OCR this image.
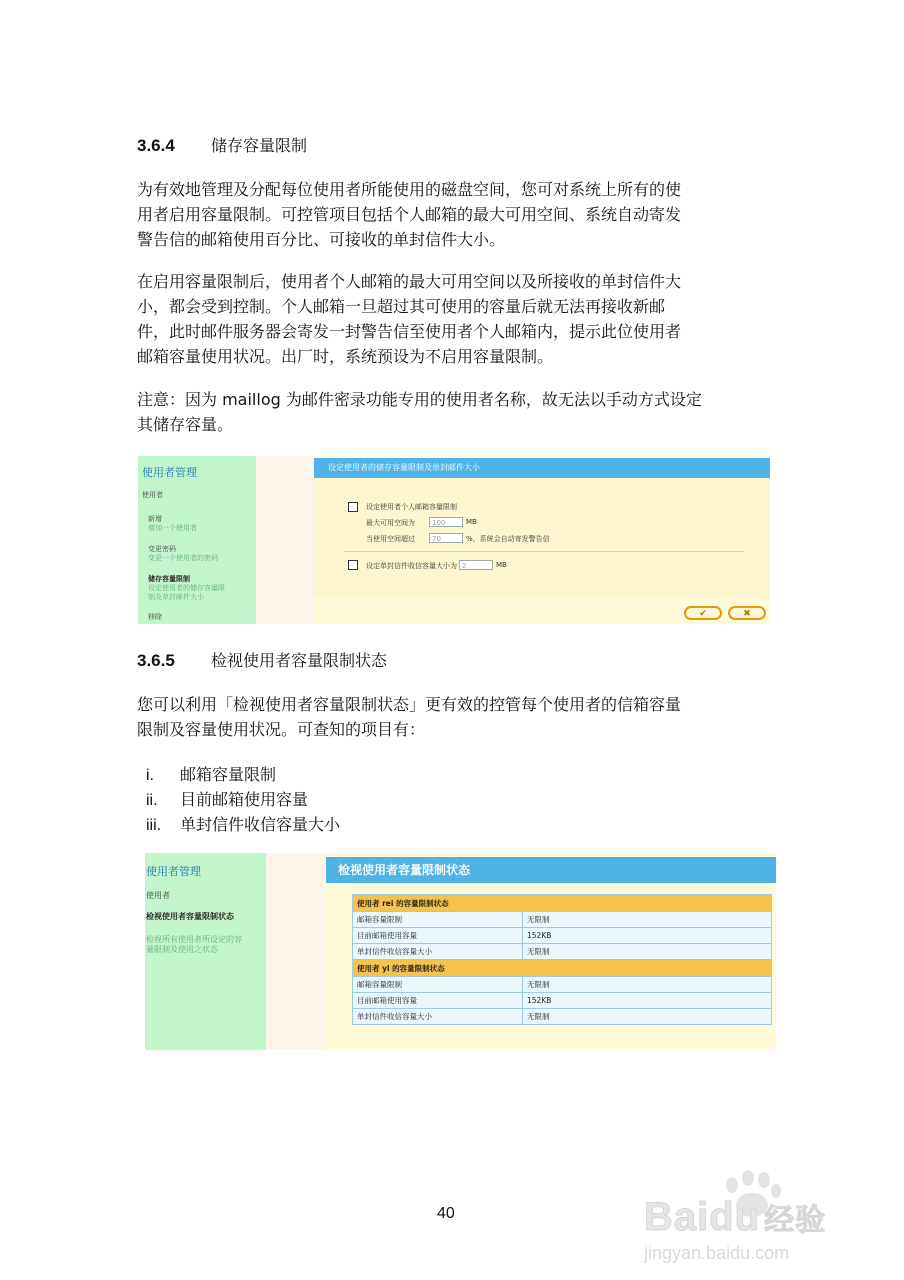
3.6.4 储存容量限制

为有效地管理及分配每位使用者所能使用的磁盘空间，您可对系统上所有的使
用者启用容量限制。可控管项目包括个人邮箱的最大可用空间、系统自动寄发
警告信的邮箱使用百分比、可接收的单封信件大小。

在启用容量限制后，使用者个人邮箱的最大可用空间以及所接收的单封信件大
小，都会受到控制。个人邮箱一旦超过其可使用的容量后就无法再接收新邮
件，此时邮件服务器会寄发一封警告信至使用者个人邮箱内，提示此位使用者
邮箱容量使用状况。出厂时，系统预设为不启用容量限制。

注意：因为 maillog 为邮件密录功能专用的使用者名称，故无法以手动方式设定
其储存容量。

使用者管理
使用者
新增
增加一个使用者
变更密码
变更一个使用者的密码
储存容量限制
设定使用者的储存容量限
制及单封邮件大小
移除
设定使用者的储存容量限制及单封邮件大小
设定使用者个人邮箱容量限制
最大可用空间为	100	MB
当使用空间超过	70	%，系统会自动寄发警告信
设定单封信件收信容量大小为 2	MB
✔	✖
3.6.5 检视使用者容量限制状态

您可以利用「检视使用者容量限制状态」更有效的控管每个使用者的信箱容量
限制及容量使用状况。可查知的项目有：

i. 邮箱容量限制
ii. 目前邮箱使用容量
iii. 单封信件收信容量大小
使用者管理
使用者
检视使用者容量限制状态
检视所有使用者所设定的容
量限制及使用之状态
检视使用者容量限制状态
使用者 rei 的容量限制状态	
邮箱容量限制	无限制
目前邮箱使用容量	152KB
单封信件收信容量大小	无限制
使用者 yl 的容量限制状态	
邮箱容量限制	无限制
目前邮箱使用容量	152KB
单封信件收信容量大小	无限制
40	Baidu 经验
jingyan.baidu.com
